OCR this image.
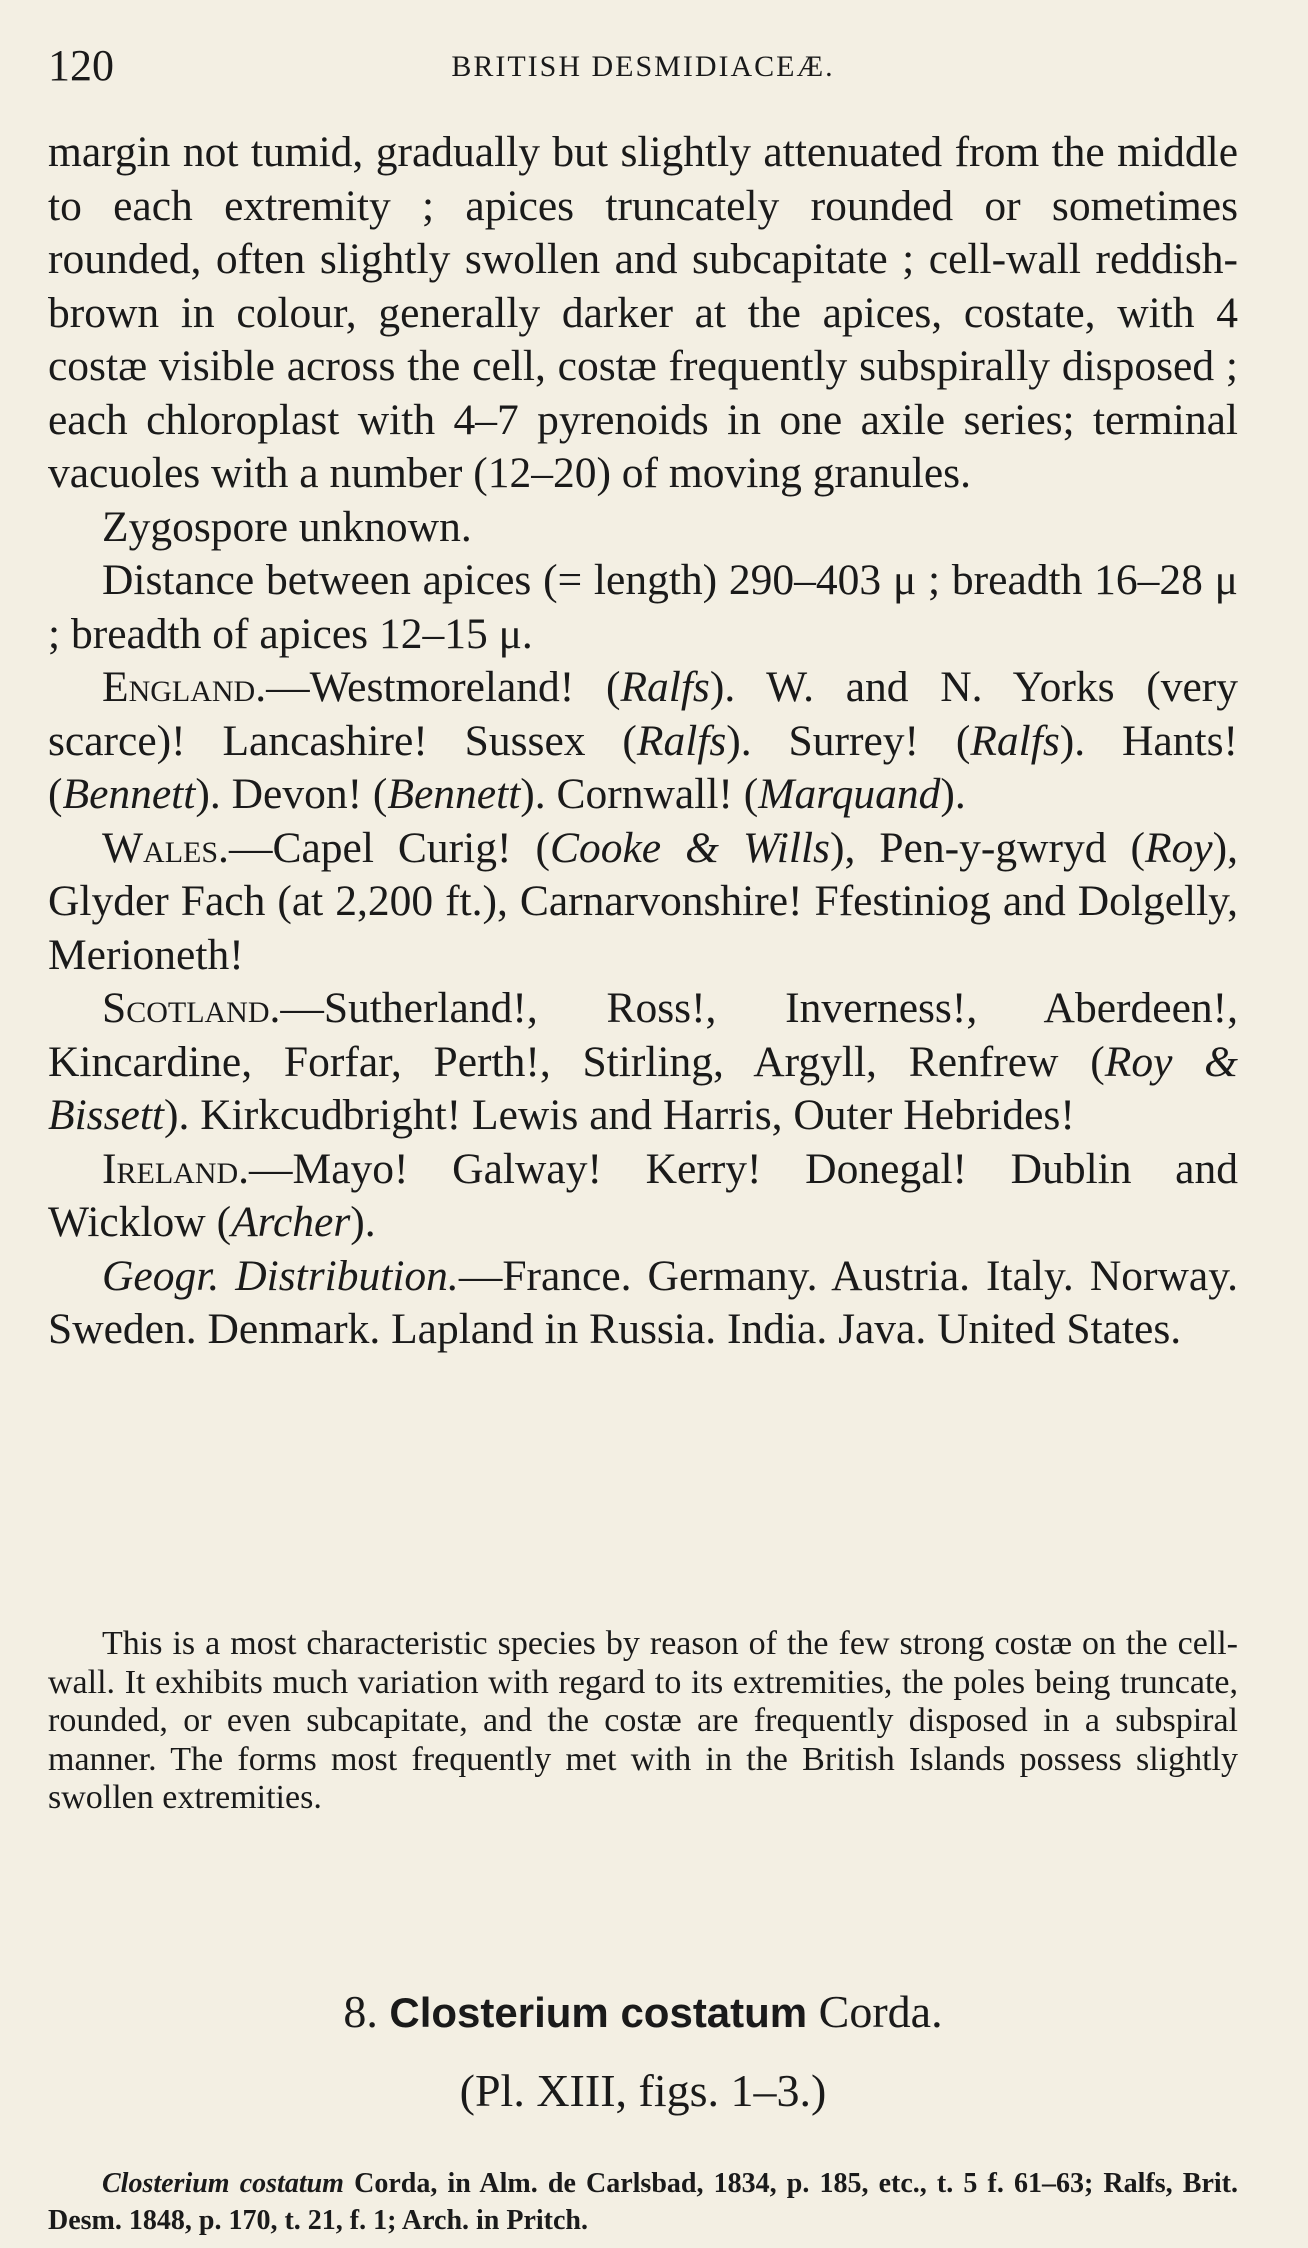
120	BRITISH DESMIDIACEÆ.

margin not tumid, gradually but slightly attenuated from the middle to each extremity ; apices truncately rounded or sometimes rounded, often slightly swollen and subcapitate ; cell-wall reddish-brown in colour, generally darker at the apices, costate, with 4 costæ visible across the cell, costæ frequently subspirally disposed ; each chloroplast with 4–7 pyrenoids in one axile series; terminal vacuoles with a number (12–20) of moving granules.

Zygospore unknown.

Distance between apices (= length) 290–403 μ ; breadth 16–28 μ ; breadth of apices 12–15 μ.

England.—Westmoreland! (Ralfs). W. and N. Yorks (very scarce)! Lancashire! Sussex (Ralfs). Surrey! (Ralfs). Hants! (Bennett). Devon! (Bennett). Cornwall! (Marquand).

Wales.—Capel Curig! (Cooke & Wills), Pen-y-gwryd (Roy), Glyder Fach (at 2,200 ft.), Carnarvonshire! Ffestiniog and Dolgelly, Merioneth!

Scotland.—Sutherland!, Ross!, Inverness!, Aberdeen!, Kincardine, Forfar, Perth!, Stirling, Argyll, Renfrew (Roy & Bissett). Kirkcudbright! Lewis and Harris, Outer Hebrides!

Ireland.—Mayo! Galway! Kerry! Donegal! Dublin and Wicklow (Archer).

Geogr. Distribution.—France. Germany. Austria. Italy. Norway. Sweden. Denmark. Lapland in Russia. India. Java. United States.

This is a most characteristic species by reason of the few strong costæ on the cell-wall. It exhibits much variation with regard to its extremities, the poles being truncate, rounded, or even subcapitate, and the costæ are frequently disposed in a subspiral manner. The forms most frequently met with in the British Islands possess slightly swollen extremities.

8. Closterium costatum Corda.
(Pl. XIII, figs. 1–3.)

Closterium costatum Corda, in Alm. de Carlsbad, 1834, p. 185, etc., t. 5 f. 61–63; Ralfs, Brit. Desm. 1848, p. 170, t. 21, f. 1; Arch. in Pritch.
